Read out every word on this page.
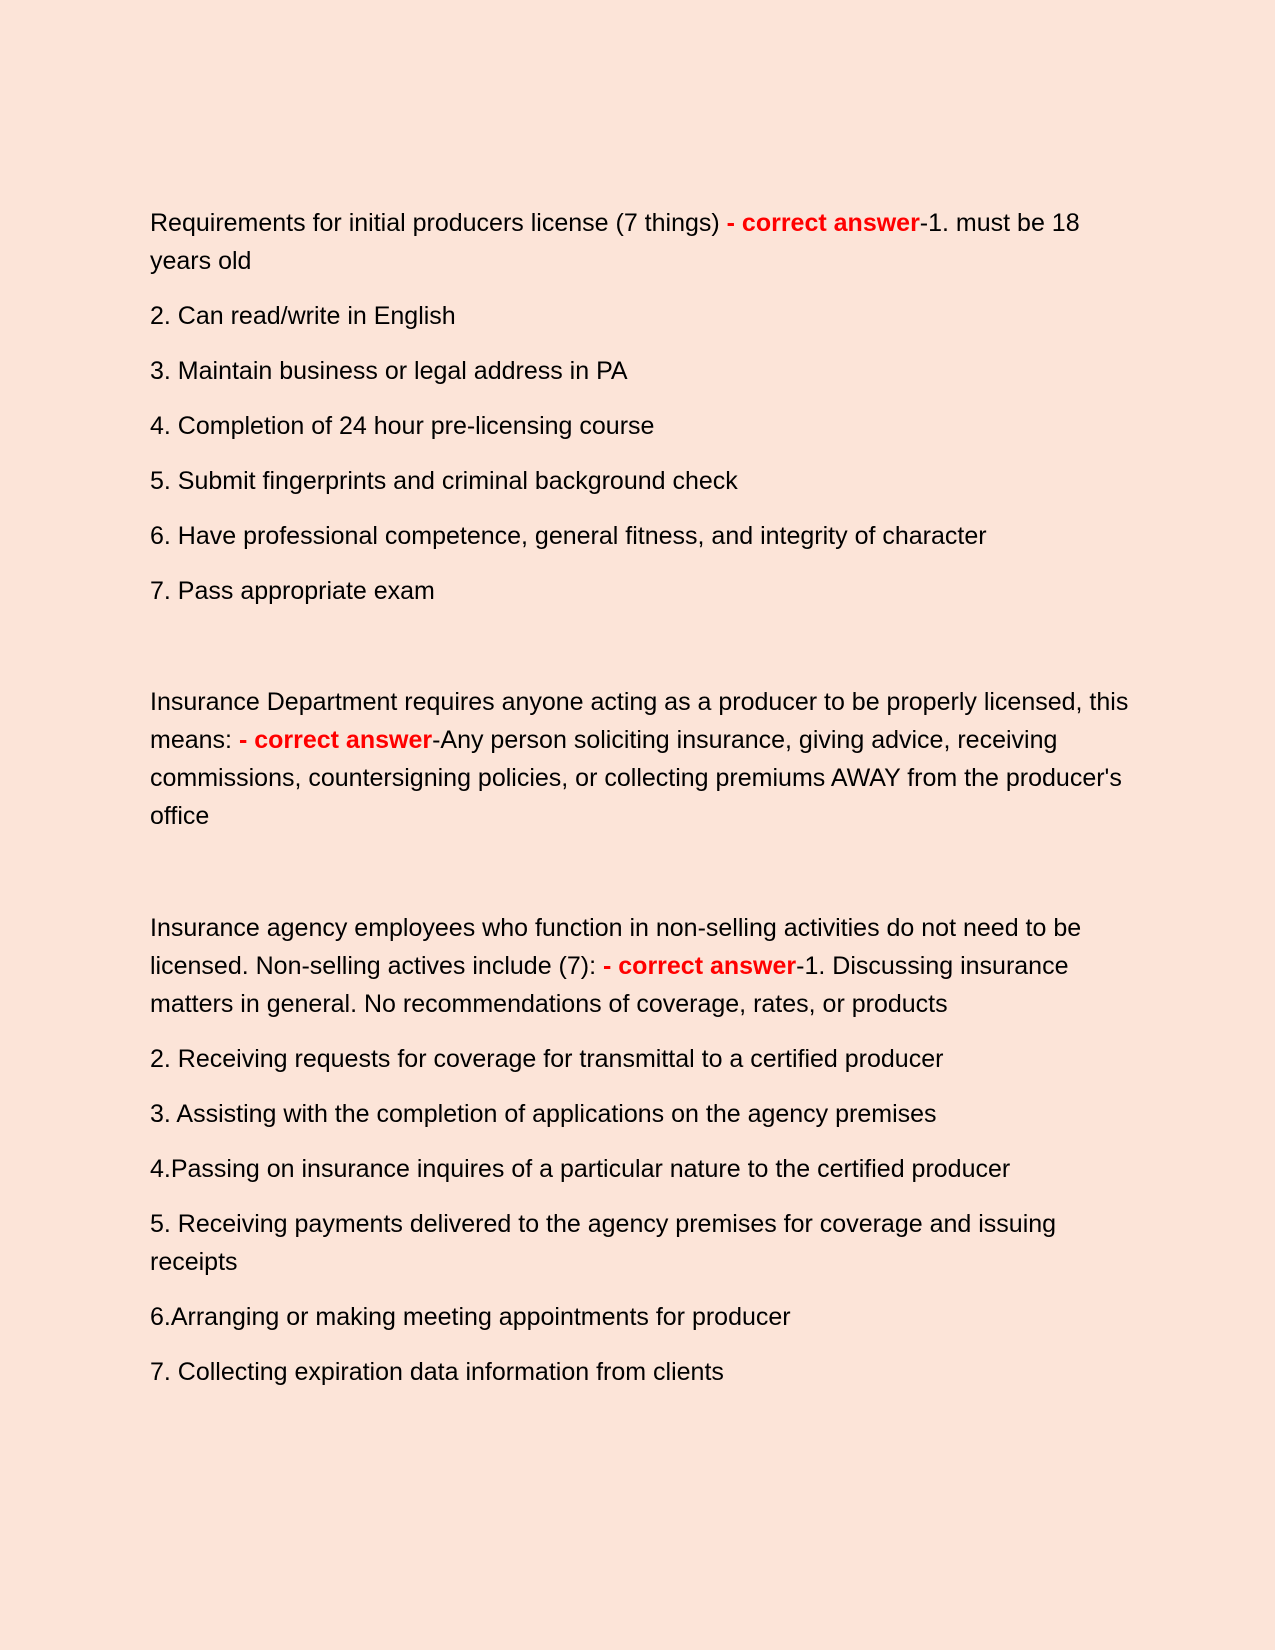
Requirements for initial producers license (7 things) - correct answer-1. must be 18 years old

2. Can read/write in English

3. Maintain business or legal address in PA

4. Completion of 24 hour pre-licensing course

5. Submit fingerprints and criminal background check

6. Have professional competence, general fitness, and integrity of character

7. Pass appropriate exam

Insurance Department requires anyone acting as a producer to be properly licensed, this means: - correct answer-Any person soliciting insurance, giving advice, receiving commissions, countersigning policies, or collecting premiums AWAY from the producer's office

Insurance agency employees who function in non-selling activities do not need to be licensed. Non-selling actives include (7): - correct answer-1. Discussing insurance matters in general. No recommendations of coverage, rates, or products

2. Receiving requests for coverage for transmittal to a certified producer

3. Assisting with the completion of applications on the agency premises

4.Passing on insurance inquires of a particular nature to the certified producer

5. Receiving payments delivered to the agency premises for coverage and issuing receipts

6.Arranging or making meeting appointments for producer

7. Collecting expiration data information from clients
